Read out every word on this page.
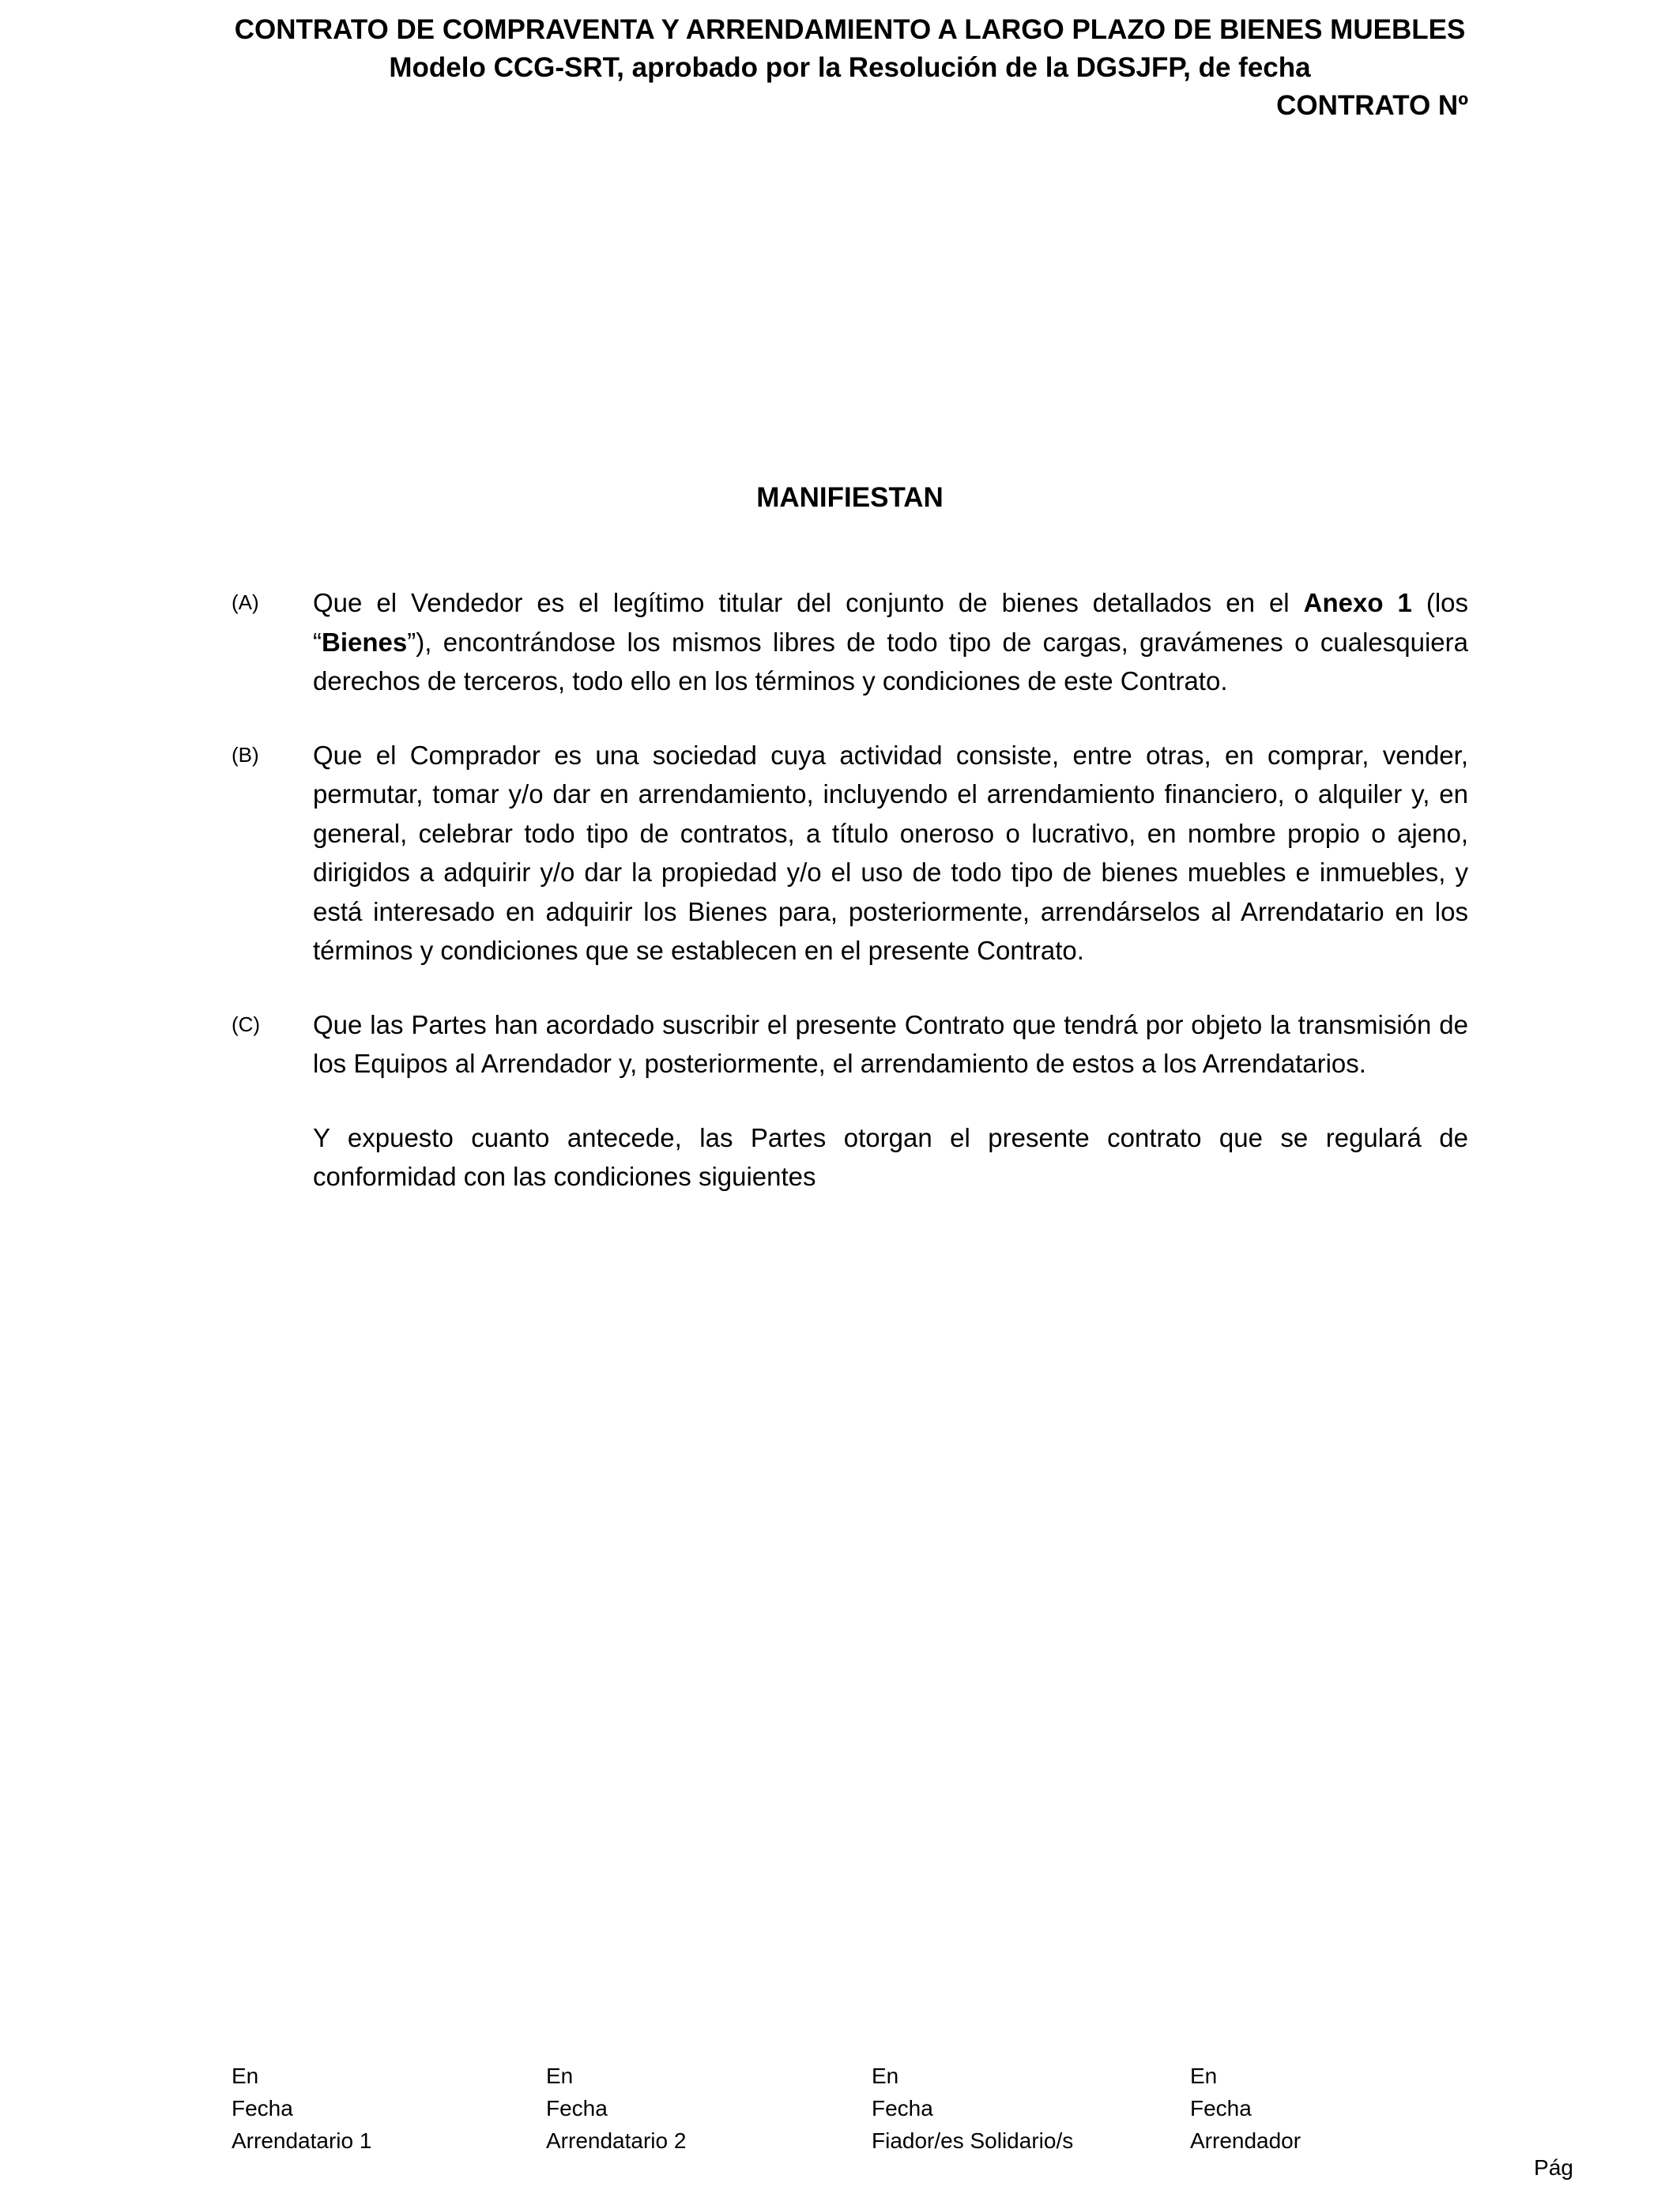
CONTRATO DE COMPRAVENTA Y ARRENDAMIENTO A LARGO PLAZO DE BIENES MUEBLES
Modelo CCG-SRT, aprobado por la Resolución de la DGSJFP, de fecha
CONTRATO Nº
MANIFIESTAN
(A)	Que el Vendedor es el legítimo titular del conjunto de bienes detallados en el Anexo 1 (los “Bienes”), encontrándose los mismos libres de todo tipo de cargas, gravámenes o cualesquiera derechos de terceros, todo ello en los términos y condiciones de este Contrato.

(B)	Que el Comprador es una sociedad cuya actividad consiste, entre otras, en comprar, vender, permutar, tomar y/o dar en arrendamiento, incluyendo el arrendamiento financiero, o alquiler y, en general, celebrar todo tipo de contratos, a título oneroso o lucrativo, en nombre propio o ajeno, dirigidos a adquirir y/o dar la propiedad y/o el uso de todo tipo de bienes muebles e inmuebles, y está interesado en adquirir los Bienes para, posteriormente, arrendárselos al Arrendatario en los términos y condiciones que se establecen en el presente Contrato.

(C)	Que las Partes han acordado suscribir el presente Contrato que tendrá por objeto la transmisión de los Equipos al Arrendador y, posteriormente, el arrendamiento de estos a los Arrendatarios.

Y expuesto cuanto antecede, las Partes otorgan el presente contrato que se regulará de conformidad con las condiciones siguientes

En
Fecha
Arrendatario 1
En
Fecha
Arrendatario 2
En
Fecha
Fiador/es Solidario/s
En
Fecha
Arrendador
Pág
